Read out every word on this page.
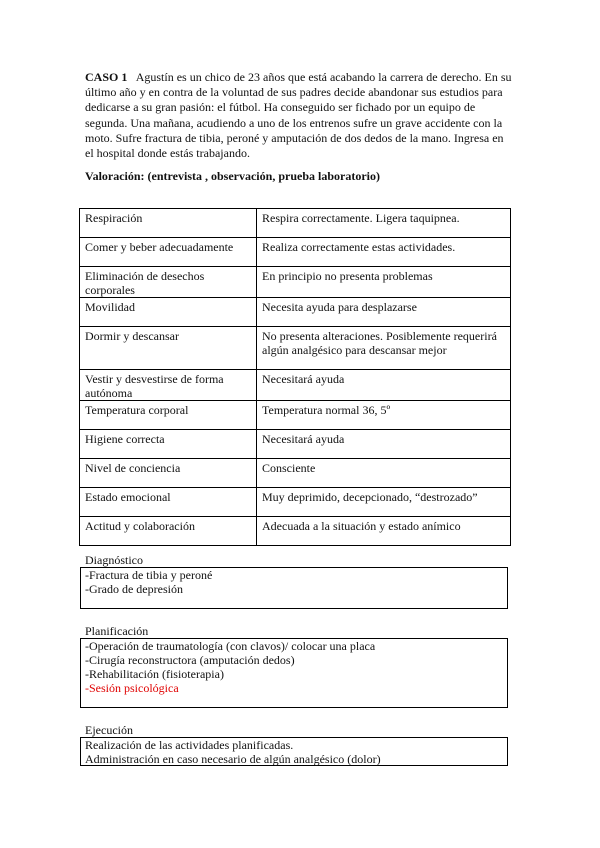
CASO 1 Agustín es un chico de 23 años que está acabando la carrera de derecho. En su último año y en contra de la voluntad de sus padres decide abandonar sus estudios para dedicarse a su gran pasión: el fútbol. Ha conseguido ser fichado por un equipo de segunda. Una mañana, acudiendo a uno de los entrenos sufre un grave accidente con la moto. Sufre fractura de tibia, peroné y amputación de dos dedos de la mano. Ingresa en el hospital donde estás trabajando.
Valoración: (entrevista , observación, prueba laboratorio)
Respiración	Respira correctamente. Ligera taquipnea.
Comer y beber adecuadamente	Realiza correctamente estas actividades.
Eliminación de desechos corporales	En principio no presenta problemas
Movilidad	Necesita ayuda para desplazarse
Dormir y descansar	No presenta alteraciones. Posiblemente requerirá algún analgésico para descansar mejor
Vestir y desvestirse de forma autónoma	Necesitará ayuda
Temperatura corporal	Temperatura normal 36, 5º
Higiene correcta	Necesitará ayuda
Nivel de conciencia	Consciente
Estado emocional	Muy deprimido, decepcionado, “destrozado”
Actitud y colaboración	Adecuada a la situación y estado anímico
Diagnóstico
-Fractura de tibia y peroné
-Grado de depresión
Planificación
-Operación de traumatología (con clavos)/ colocar una placa
-Cirugía reconstructora (amputación dedos)
-Rehabilitación (fisioterapia)
-Sesión psicológica
Ejecución
Realización de las actividades planificadas.
Administración en caso necesario de algún analgésico (dolor)
